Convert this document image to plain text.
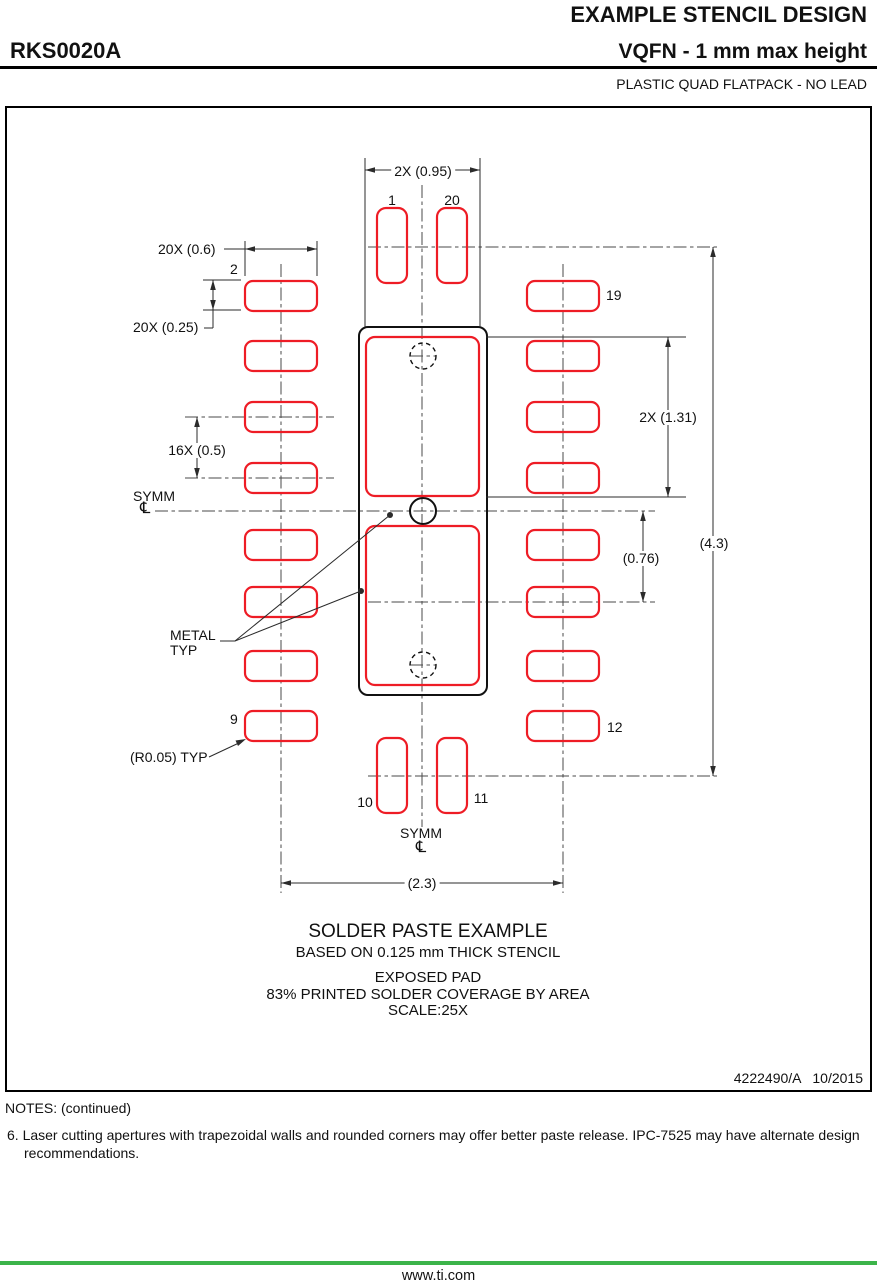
EXAMPLE STENCIL DESIGN
RKS0020A	VQFN - 1 mm max height
PLASTIC QUAD FLATPACK - NO LEAD
2X (0.95)
1	20
20X (0.6)
2
20X (0.25)
16X (0.5)
SYMM
℄
19
2X (1.31)
(0.76)
(4.3)
METAL
TYP
9
(R0.05) TYP
10	11
12
SYMM
℄
(2.3)
SOLDER PASTE EXAMPLE
BASED ON 0.125 mm THICK STENCIL
EXPOSED PAD
83% PRINTED SOLDER COVERAGE BY AREA
SCALE:25X
4222490/A   10/2015
NOTES: (continued)
6. Laser cutting apertures with trapezoidal walls and rounded corners may offer better paste release. IPC-7525 may have alternate design recommendations.
www.ti.com
